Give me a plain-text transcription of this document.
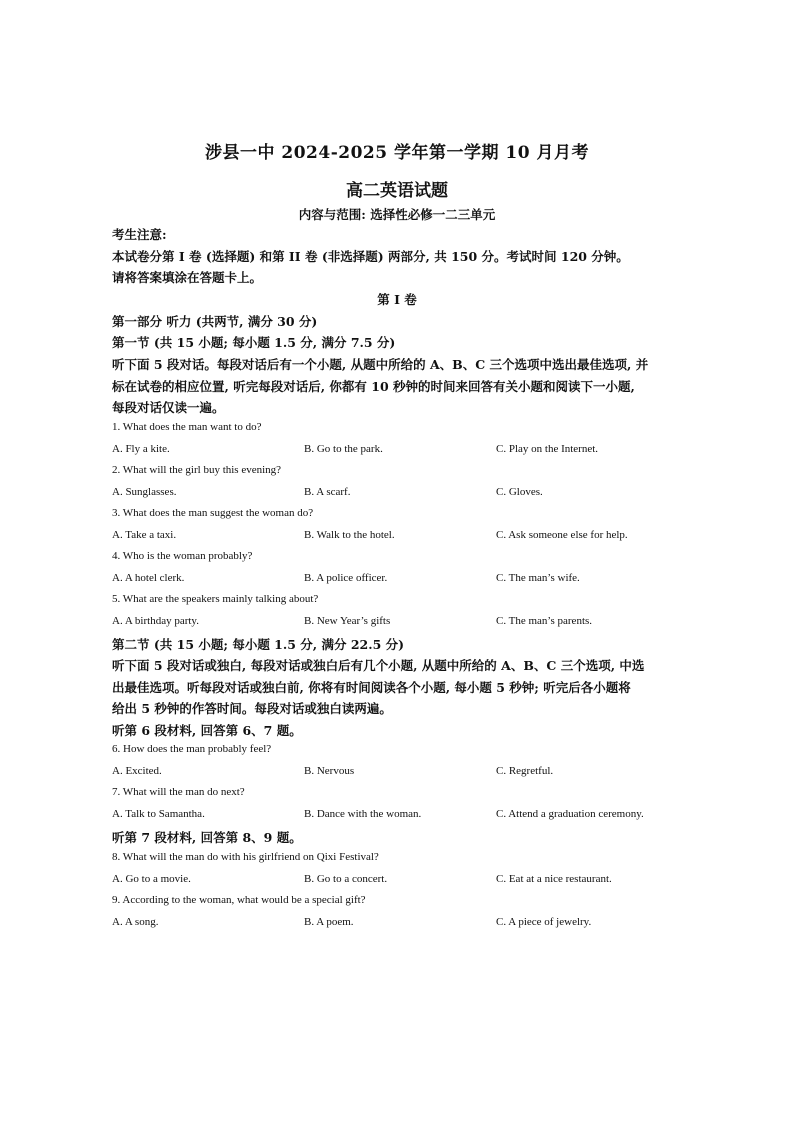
涉县一中 2024-2025 学年第一学期 10 月月考
高二英语试题
内容与范围: 选择性必修一二三单元
考生注意:
本试卷分第 I 卷 (选择题) 和第 II 卷 (非选择题) 两部分, 共 150 分。考试时间 120 分钟。
请将答案填涂在答题卡上。
第 I 卷
第一部分 听力 (共两节, 满分 30 分)
第一节 (共 15 小题; 每小题 1.5 分, 满分 7.5 分)
听下面 5 段对话。每段对话后有一个小题, 从题中所给的 A、B、C 三个选项中选出最佳选项, 并
标在试卷的相应位置, 听完每段对话后, 你都有 10 秒钟的时间来回答有关小题和阅读下一小题,
每段对话仅读一遍。
1. What does the man want to do?
A. Fly a kite.	B. Go to the park.	C. Play on the Internet.
2. What will the girl buy this evening?
A. Sunglasses.	B. A scarf.	C. Gloves.
3. What does the man suggest the woman do?
A. Take a taxi.	B. Walk to the hotel.	C. Ask someone else for help.
4. Who is the woman probably?
A. A hotel clerk.	B. A police officer.	C. The man’s wife.
5. What are the speakers mainly talking about?
A. A birthday party.	B. New Year’s gifts	C. The man’s parents.
第二节 (共 15 小题; 每小题 1.5 分, 满分 22.5 分)
听下面 5 段对话或独白, 每段对话或独白后有几个小题, 从题中所给的 A、B、C 三个选项, 中选
出最佳选项。听每段对话或独白前, 你将有时间阅读各个小题, 每小题 5 秒钟; 听完后各小题将
给出 5 秒钟的作答时间。每段对话或独白读两遍。
听第 6 段材料, 回答第 6、7 题。
6. How does the man probably feel?
A. Excited.	B. Nervous	C. Regretful.
7. What will the man do next?
A. Talk to Samantha.	B. Dance with the woman.	C. Attend a graduation ceremony.
听第 7 段材料, 回答第 8、9 题。
8. What will the man do with his girlfriend on Qixi Festival?
A. Go to a movie.	B. Go to a concert.	C. Eat at a nice restaurant.
9. According to the woman, what would be a special gift?
A. A song.	B. A poem.	C. A piece of jewelry.
